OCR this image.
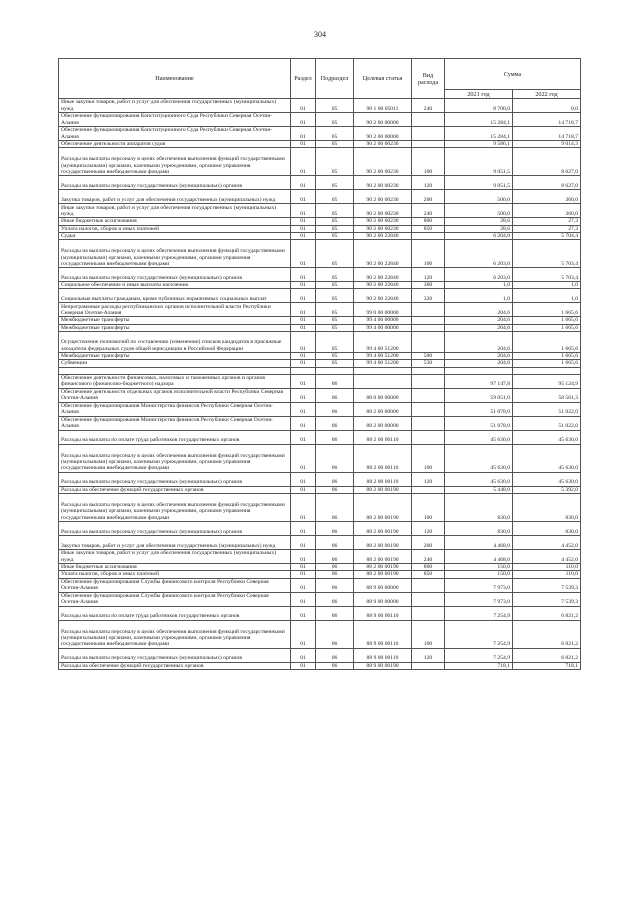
304
Наименование	Раздел	Подраздел	Целевая статья	Вид расхода	Сумма	
					2021 год	2022 год
Иные закупки товаров, работ и услуг для обеспечения государственных (муниципальных) нужд	01	05	90 1 00 05011	240	8 700,0	0,0
Обеспечение функционирования Конституционного Суда Республики Северная Осетия-Алания	01	05	90 2 00 00000		15 284,1	14 718,7
Обеспечение функционирования Конституционного Суда Республики Северная Осетия-Алания	01	05	90 2 00 00000		15 284,1	14 718,7
Обеспечение деятельности аппаратов судов	01	05	90 2 00 00230		9 586,1	9 014,3
Расходы на выплаты персоналу в целях обеспечения выполнения функций государственными (муниципальными) органами, казенными учреждениями, органами управления государственными внебюджетными фондами	01	05	90 2 00 00230	100	9 051,5	8 627,0
Расходы на выплаты персоналу государственных (муниципальных) органов	01	05	90 2 00 00230	120	9 051,5	8 627,0
Закупка товаров, работ и услуг для обеспечения государственных (муниципальных) нужд	01	05	90 2 00 00230	200	500,0	360,0
Иные закупки товаров, работ и услуг для обеспечения государственных (муниципальных) нужд	01	05	90 2 00 00230	240	500,0	360,0
Иные бюджетные ассигнования	01	05	90 2 00 00230	800	28,6	27,3
Уплата налогов, сборов и иных платежей	01	05	90 2 00 00230	850	28,6	27,3
Судьи	01	05	90 2 00 22840		6 204,0	5 704,4
Расходы на выплаты персоналу в целях обеспечения выполнения функций государственными (муниципальными) органами, казенными учреждениями, органами управления государственными внебюджетными фондами	01	05	90 2 00 22840	100	6 203,0	5 703,4
Расходы на выплаты персоналу государственных (муниципальных) органов	01	05	90 2 00 22840	120	6 203,0	5 703,4
Социальное обеспечение и иные выплаты населению	01	05	90 2 00 22840	300	1,0	1,0
Социальные выплаты гражданам, кроме публичных нормативных социальных выплат	01	05	90 2 00 22840	320	1,0	1,0
Непрограммные расходы республиканских органов исполнительной власти Республики Северная Осетия-Алания	01	05	99 0 00 00000		204,6	1 665,6
Межбюджетные трансферты	01	05	99 4 00 00000		204,6	1 665,6
Межбюджетные трансферты	01	05	99 4 00 00000		204,6	1 665,6
Осуществление полномочий по составлению (изменению) списков кандидатов в присяжные заседатели федеральных судов общей юрисдикции в Российской Федерации	01	05	99 4 00 51200		204,6	1 665,6
Межбюджетные трансферты	01	05	99 4 00 51200	500	204,6	1 665,6
Субвенции	01	05	99 4 00 51200	530	204,6	1 665,6

Обеспечение деятельности финансовых, налоговых и таможенных органов и органов финансового (финансово-бюджетного) надзора	01	06			97 147,8	95 124,9
Обеспечение деятельности отдельных органов исполнительной власти Республики Северная Осетия-Алания	01	06	88 0 00 00000		59 051,0	58 561,3
Обеспечение функционирования Министерства финансов Республики Северная Осетия-Алания	01	06	88 2 00 00000		51 078,0	51 022,0
Обеспечение функционирования Министерства финансов Республики Северная Осетия-Алания	01	06	88 2 00 00000		51 078,0	51 022,0
Расходы на выплаты по оплате труда работников государственных органов	01	06	88 2 00 00110		45 630,0	45 630,0
Расходы на выплаты персоналу в целях обеспечения выполнения функций государственными (муниципальными) органами, казенными учреждениями, органами управления государственными внебюджетными фондами	01	06	88 2 00 00110	100	45 630,0	45 630,0
Расходы на выплаты персоналу государственных (муниципальных) органов	01	06	88 2 00 00110	120	45 630,0	45 630,0
Расходы на обеспечение функций государственных органов	01	06	88 2 00 00190		5 448,0	5 392,0
Расходы на выплаты персоналу в целях обеспечения выполнения функций государственными (муниципальными) органами, казенными учреждениями, органами управления государственными внебюджетными фондами	01	06	88 2 00 00190	100	830,0	830,0
Расходы на выплаты персоналу государственных (муниципальных) органов	01	06	88 2 00 00190	120	830,0	830,0
Закупка товаров, работ и услуг для обеспечения государственных (муниципальных) нужд	01	06	88 2 00 00190	200	4 468,0	4 452,0
Иные закупки товаров, работ и услуг для обеспечения государственных (муниципальных) нужд	01	06	88 2 00 00190	240	4 468,0	4 452,0
Иные бюджетные ассигнования	01	06	88 2 00 00190	800	150,0	110,0
Уплата налогов, сборов и иных платежей	01	06	88 2 00 00190	850	150,0	110,0
Обеспечение функционирования Службы финансового контроля Республики Северная Осетия-Алания	01	06	88 9 00 00000		7 973,0	7 539,3
Обеспечение функционирования Службы финансового контроля Республики Северная Осетия-Алания	01	06	88 9 00 00000		7 973,0	7 539,3
Расходы на выплаты по оплате труда работников государственных органов	01	06	88 9 00 00110		7 254,9	6 821,2
Расходы на выплаты персоналу в целях обеспечения выполнения функций государственными (муниципальными) органами, казенными учреждениями, органами управления государственными внебюджетными фондами	01	06	88 9 00 00110	100	7 254,9	6 821,2
Расходы на выплаты персоналу государственных (муниципальных) органов	01	06	88 9 00 00110	120	7 254,9	6 821,2
Расходы на обеспечение функций государственных органов	01	06	88 9 00 00190		718,1	718,1
